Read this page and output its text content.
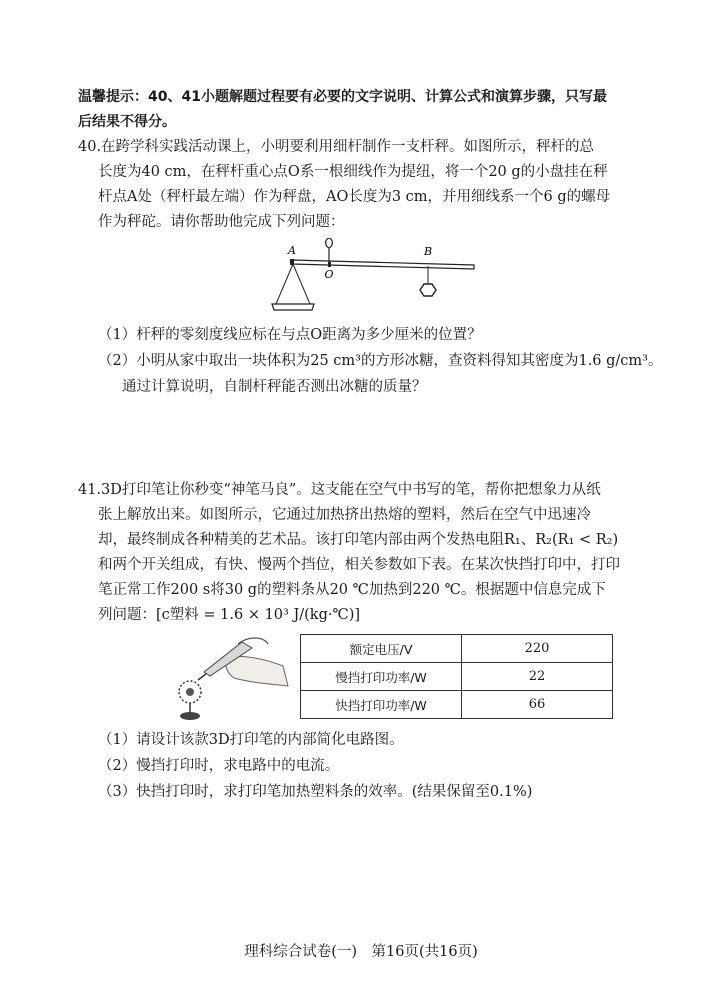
温馨提示：40、41小题解题过程要有必要的文字说明、计算公式和演算步骤，只写最
后结果不得分。
40.在跨学科实践活动课上，小明要利用细杆制作一支杆秤。如图所示，秤杆的总
长度为40 cm，在秤杆重心点O系一根细线作为提纽，将一个20 g的小盘挂在秤
杆点A处（秤杆最左端）作为秤盘，AO长度为3 cm，并用细线系一个6 g的螺母
作为秤砣。请你帮助他完成下列问题：
A
O
B
（1）杆秤的零刻度线应标在与点O距离为多少厘米的位置？
（2）小明从家中取出一块体积为25 cm³的方形冰糖，查资料得知其密度为1.6 g/cm³。
通过计算说明，自制杆秤能否测出冰糖的质量？
41.3D打印笔让你秒变“神笔马良”。这支能在空气中书写的笔，帮你把想象力从纸
张上解放出来。如图所示，它通过加热挤出热熔的塑料，然后在空气中迅速冷
却，最终制成各种精美的艺术品。该打印笔内部由两个发热电阻R₁、R₂(R₁ < R₂)
和两个开关组成，有快、慢两个挡位，相关参数如下表。在某次快挡打印中，打印
笔正常工作200 s将30 g的塑料条从20 ℃加热到220 ℃。根据题中信息完成下
列问题：[c塑料 = 1.6 × 10³ J/(kg·℃)]
额定电压/V	220
慢挡打印功率/W	22
快挡打印功率/W	66
（1）请设计该款3D打印笔的内部简化电路图。
（2）慢挡打印时，求电路中的电流。
（3）快挡打印时，求打印笔加热塑料条的效率。(结果保留至0.1%)
理科综合试卷(一)　第16页(共16页)
